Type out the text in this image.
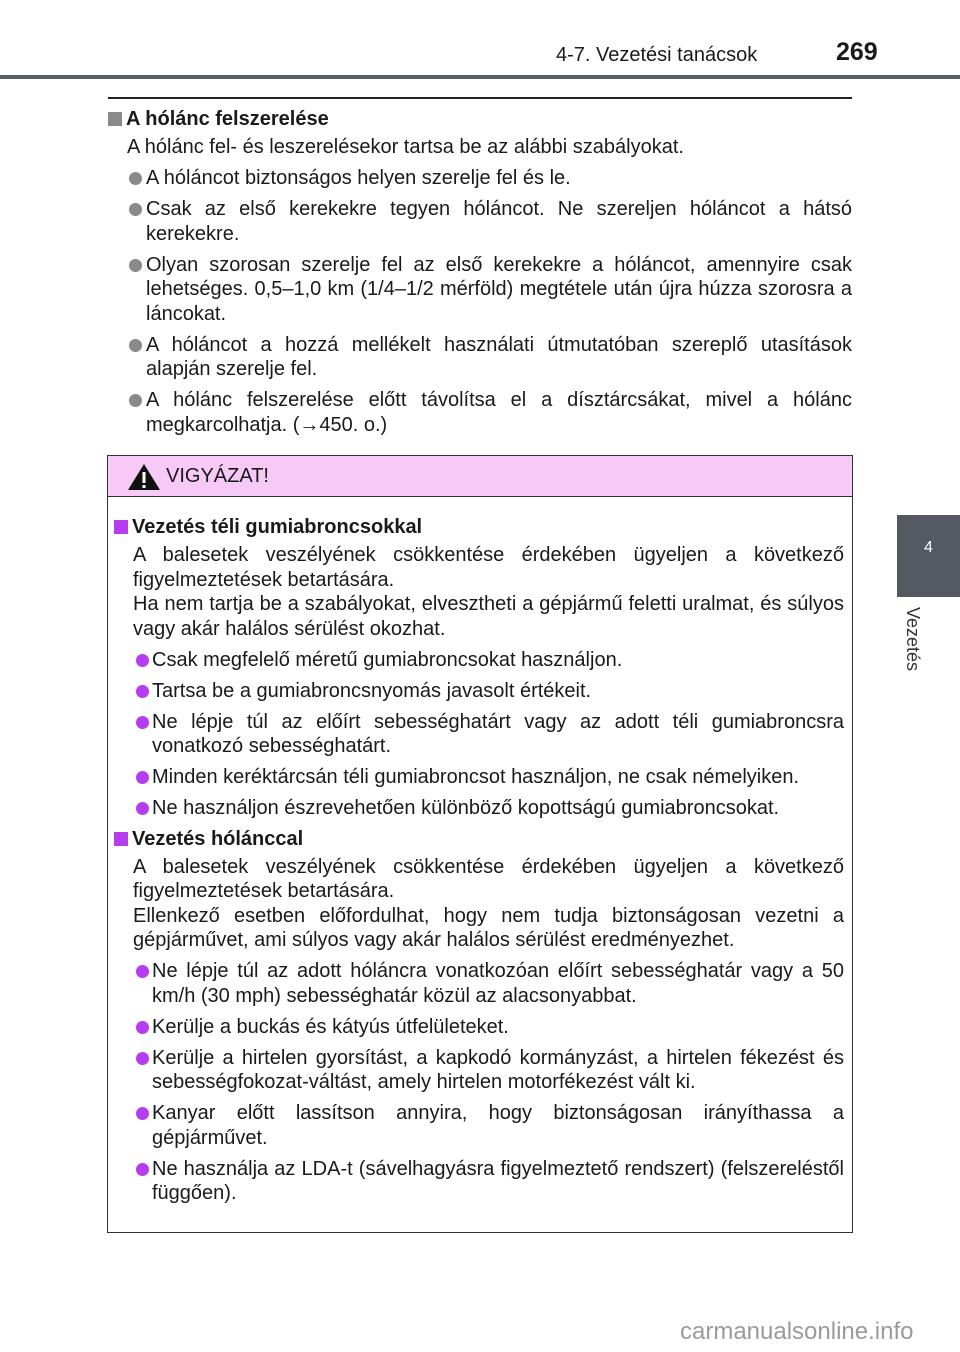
4-7. Vezetési tanácsok	269
4
Vezetés
A hólánc felszerelése
A hólánc fel- és leszerelésekor tartsa be az alábbi szabályokat.
A hóláncot biztonságos helyen szerelje fel és le.
Csak az első kerekekre tegyen hóláncot. Ne szereljen hóláncot a hátsó kerekekre.
Olyan szorosan szerelje fel az első kerekekre a hóláncot, amennyire csak lehetséges. 0,5–1,0 km (1/4–1/2 mérföld) megtétele után újra húzza szorosra a láncokat.
A hóláncot a hozzá mellékelt használati útmutatóban szereplő utasítások alapján szerelje fel.
A hólánc felszerelése előtt távolítsa el a dísztárcsákat, mivel a hólánc megkarcolhatja. (→450. o.)
VIGYÁZAT!
Vezetés téli gumiabroncsokkal
A balesetek veszélyének csökkentése érdekében ügyeljen a következő figyelmeztetések betartására.
Ha nem tartja be a szabályokat, elvesztheti a gépjármű feletti uralmat, és súlyos vagy akár halálos sérülést okozhat.
Csak megfelelő méretű gumiabroncsokat használjon.
Tartsa be a gumiabroncsnyomás javasolt értékeit.
Ne lépje túl az előírt sebességhatárt vagy az adott téli gumiabroncsra vonatkozó sebességhatárt.
Minden keréktárcsán téli gumiabroncsot használjon, ne csak némelyiken.
Ne használjon észrevehetően különböző kopottságú gumiabroncsokat.
Vezetés hólánccal
A balesetek veszélyének csökkentése érdekében ügyeljen a következő figyelmeztetések betartására.
Ellenkező esetben előfordulhat, hogy nem tudja biztonságosan vezetni a gépjárművet, ami súlyos vagy akár halálos sérülést eredményezhet.
Ne lépje túl az adott hóláncra vonatkozóan előírt sebességhatár vagy a 50 km/h (30 mph) sebességhatár közül az alacsonyabbat.
Kerülje a buckás és kátyús útfelületeket.
Kerülje a hirtelen gyorsítást, a kapkodó kormányzást, a hirtelen fékezést és sebességfokozat-váltást, amely hirtelen motorfékezést vált ki.
Kanyar előtt lassítson annyira, hogy biztonságosan irányíthassa a gépjárművet.
Ne használja az LDA-t (sávelhagyásra figyelmeztető rendszert) (felszereléstől függően).
carmanualsonline.info
